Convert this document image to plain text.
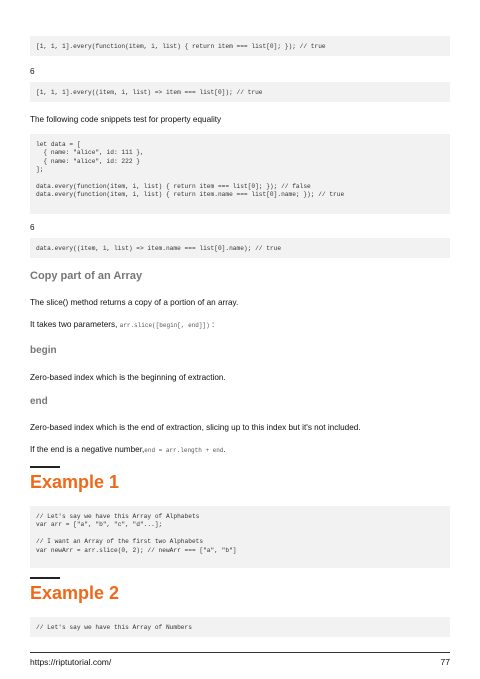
[1, 1, 1].every(function(item, i, list) { return item === list[0]; }); // true

6

[1, 1, 1].every((item, i, list) => item === list[0]); // true

The following code snippets test for property equality

let data = [
{ name: "alice", id: 111 },
{ name: "alice", id: 222 }
];

data.every(function(item, i, list) { return item === list[0]; }); // false
data.every(function(item, i, list) { return item.name === list[0].name; }); // true

6

data.every((item, i, list) => item.name === list[0].name); // true

Copy part of an Array

The slice() method returns a copy of a portion of an array.

It takes two parameters, arr.slice([begin[, end]]) :

begin

Zero-based index which is the beginning of extraction.

end

Zero-based index which is the end of extraction, slicing up to this index but it's not included.

If the end is a negative number,end = arr.length + end.

Example 1

// Let's say we have this Array of Alphabets
var arr = ["a", "b", "c", "d"...];

// I want an Array of the first two Alphabets
var newArr = arr.slice(0, 2); // newArr === ["a", "b"]

Example 2

// Let's say we have this Array of Numbers
https://riptutorial.com/	77
